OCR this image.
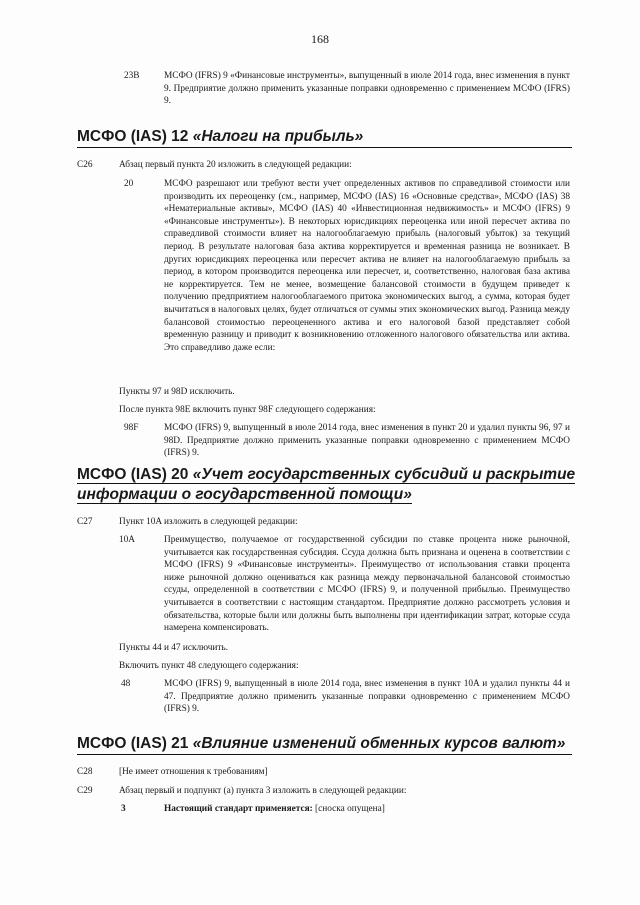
168
23B	МСФО (IFRS) 9 «Финансовые инструменты», выпущенный в июле 2014 года, внес изменения в пункт 9. Предприятие должно применить указанные поправки одновременно с применением МСФО (IFRS) 9.
МСФО (IAS) 12 «Налоги на прибыль»
C26	Абзац первый пункта 20 изложить в следующей редакции:
20	МСФО разрешают или требуют вести учет определенных активов по справедливой стоимости или производить их переоценку (см., например, МСФО (IAS) 16 «Основные средства», МСФО (IAS) 38 «Нематериальные активы», МСФО (IAS) 40 «Инвестиционная недвижимость» и МСФО (IFRS) 9 «Финансовые инструменты»). В некоторых юрисдикциях переоценка или иной пересчет актива по справедливой стоимости влияет на налогооблагаемую прибыль (налоговый убыток) за текущий период. В результате налоговая база актива корректируется и временная разница не возникает. В других юрисдикциях переоценка или пересчет актива не влияет на налогооблагаемую прибыль за период, в котором производится переоценка или пересчет, и, соответственно, налоговая база актива не корректируется. Тем не менее, возмещение балансовой стоимости в будущем приведет к получению предприятием налогооблагаемого притока экономических выгод, а сумма, которая будет вычитаться в налоговых целях, будет отличаться от суммы этих экономических выгод. Разница между балансовой стоимостью переоцененного актива и его налоговой базой представляет собой временную разницу и приводит к возникновению отложенного налогового обязательства или актива. Это справедливо даже если:
Пункты 97 и 98D исключить.
После пункта 98E включить пункт 98F следующего содержания:
98F	МСФО (IFRS) 9, выпущенный в июле 2014 года, внес изменения в пункт 20 и удалил пункты 96, 97 и 98D. Предприятие должно применить указанные поправки одновременно с применением МСФО (IFRS) 9.
МСФО (IAS) 20 «Учет государственных субсидий и раскрытие
информации о государственной помощи»
C27	Пункт 10A изложить в следующей редакции:
10A	Преимущество, получаемое от государственной субсидии по ставке процента ниже рыночной, учитывается как государственная субсидия. Ссуда должна быть признана и оценена в соответствии с МСФО (IFRS) 9 «Финансовые инструменты». Преимущество от использования ставки процента ниже рыночной должно оцениваться как разница между первоначальной балансовой стоимостью ссуды, определенной в соответствии с МСФО (IFRS) 9, и полученной прибылью. Преимущество учитывается в соответствии с настоящим стандартом. Предприятие должно рассмотреть условия и обязательства, которые были или должны быть выполнены при идентификации затрат, которые ссуда намерена компенсировать.
Пункты 44 и 47 исключить.
Включить пункт 48 следующего содержания:
48	МСФО (IFRS) 9, выпущенный в июле 2014 года, внес изменения в пункт 10A и удалил пункты 44 и 47. Предприятие должно применить указанные поправки одновременно с применением МСФО (IFRS) 9.
МСФО (IAS) 21 «Влияние изменений обменных курсов валют»
C28	[Не имеет отношения к требованиям]
C29	Абзац первый и подпункт (а) пункта 3 изложить в следующей редакции:
3	Настоящий стандарт применяется: [сноска опущена]
